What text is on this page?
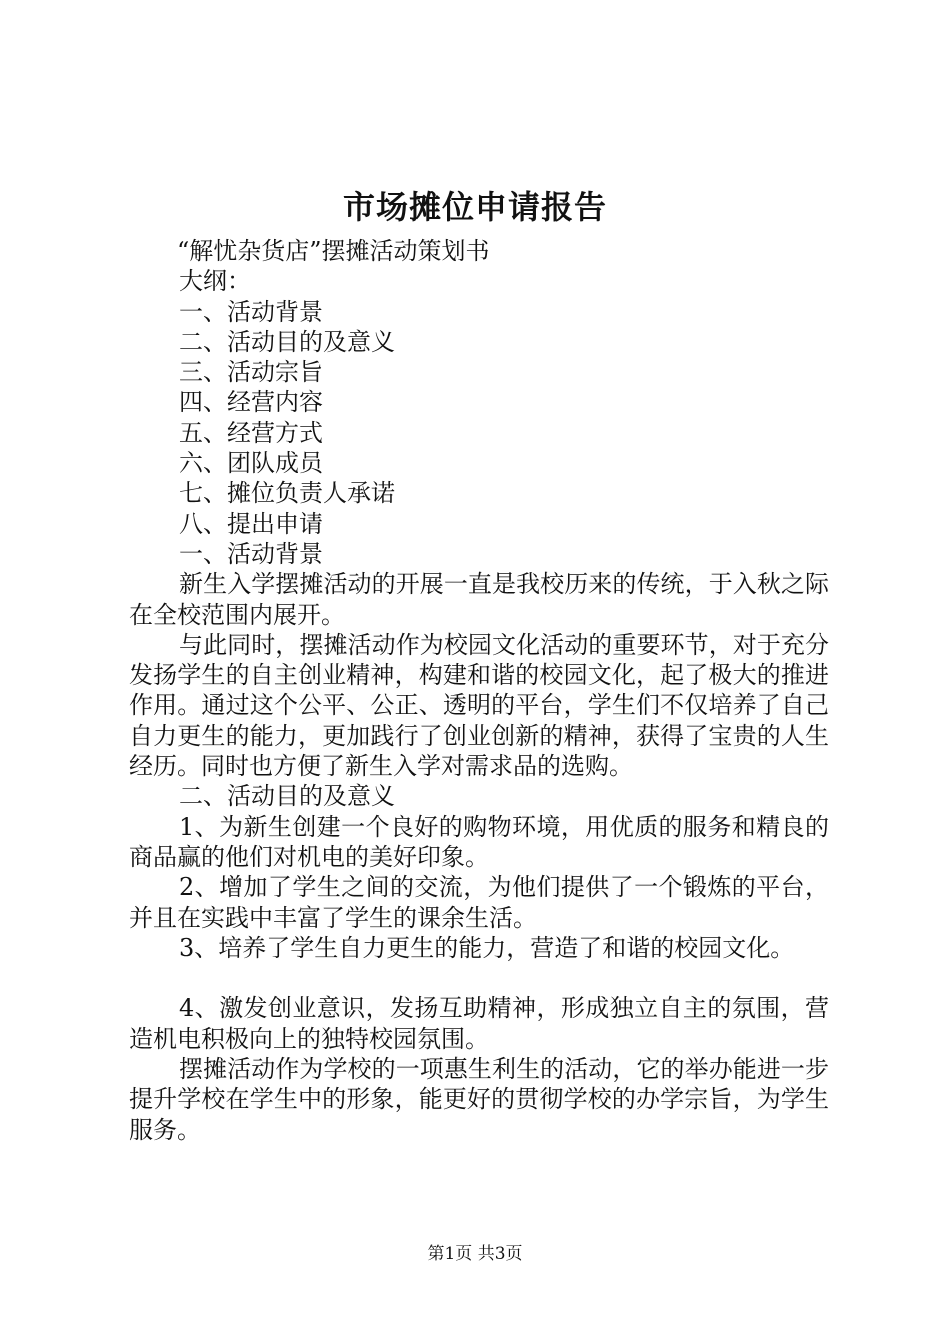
市场摊位申请报告

“解忧杂货店”摆摊活动策划书

大纲：

一、活动背景

二、活动目的及意义

三、活动宗旨

四、经营内容

五、经营方式

六、团队成员

七、摊位负责人承诺

八、提出申请

一、活动背景

新生入学摆摊活动的开展一直是我校历来的传统，于入秋之际在全校范围内展开。

与此同时，摆摊活动作为校园文化活动的重要环节，对于充分发扬学生的自主创业精神，构建和谐的校园文化，起了极大的推进作用。通过这个公平、公正、透明的平台，学生们不仅培养了自己自力更生的能力，更加践行了创业创新的精神，获得了宝贵的人生经历。同时也方便了新生入学对需求品的选购。

二、活动目的及意义

1、为新生创建一个良好的购物环境，用优质的服务和精良的商品赢的他们对机电的美好印象。

2、增加了学生之间的交流，为他们提供了一个锻炼的平台，并且在实践中丰富了学生的课余生活。

3、培养了学生自力更生的能力，营造了和谐的校园文化。

4、激发创业意识，发扬互助精神，形成独立自主的氛围，营造机电积极向上的独特校园氛围。

摆摊活动作为学校的一项惠生利生的活动，它的举办能进一步提升学校在学生中的形象，能更好的贯彻学校的办学宗旨，为学生服务。

第1页 共3页
